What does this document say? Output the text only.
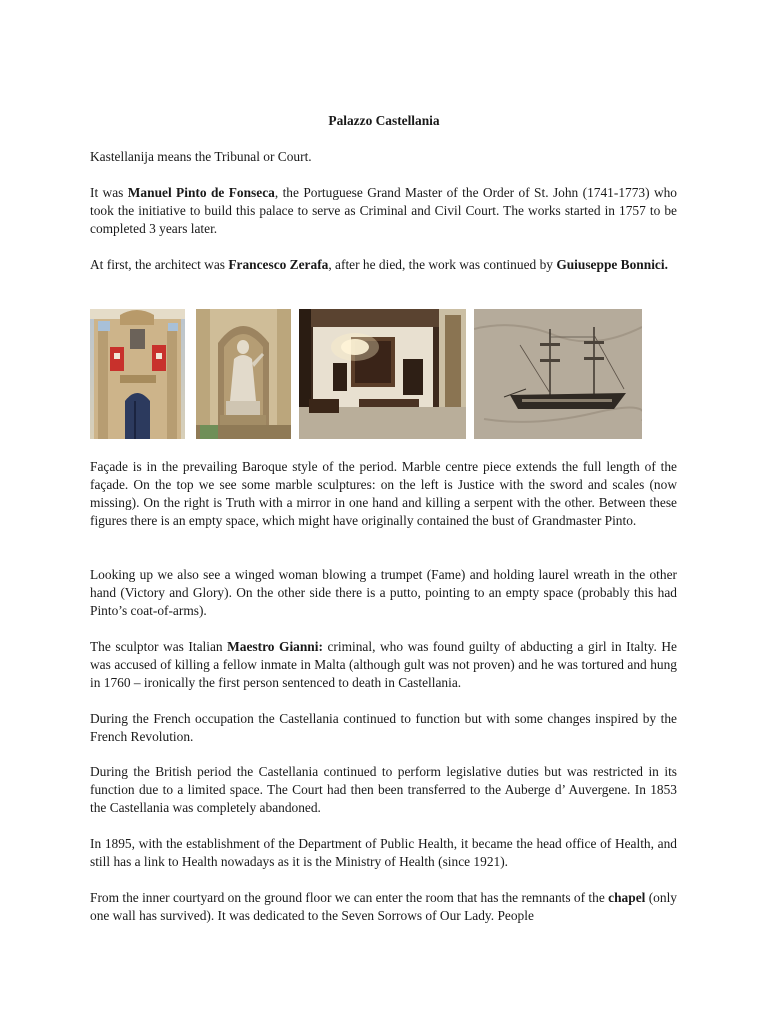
Palazzo Castellania

Kastellanija means the Tribunal or Court.

It was Manuel Pinto de Fonseca, the Portuguese Grand Master of the Order of St. John (1741-1773) who took the initiative to build this palace to serve as Criminal and Civil Court. The works started in 1757 to be completed 3 years later.

At first, the architect was Francesco Zerafa, after he died, the work was continued by Guiuseppe Bonnici.

Façade is in the prevailing Baroque style of the period. Marble centre piece extends the full length of the façade. On the top we see some marble sculptures: on the left is Justice with the sword and scales (now missing). On the right is Truth with a mirror in one hand and killing a serpent with the other. Between these figures there is an empty space, which might have originally contained the bust of Grandmaster Pinto.

Looking up we also see a winged woman blowing a trumpet (Fame) and holding laurel wreath in the other hand (Victory and Glory). On the other side there is a putto, pointing to an empty space (probably this had Pinto’s coat-of-arms).

The sculptor was Italian Maestro Gianni: criminal, who was found guilty of abducting a girl in Italty. He was accused of killing a fellow inmate in Malta (although gult was not proven) and he was tortured and hung in 1760 – ironically the first person sentenced to death in Castellania.

During the French occupation the Castellania continued to function but with some changes inspired by the French Revolution.

During the British period the Castellania continued to perform legislative duties but was restricted in its function due to a limited space. The Court had then been transferred to the Auberge d’ Auvergene. In 1853 the Castellania was completely abandoned.

In 1895, with the establishment of the Department of Public Health, it became the head office of Health, and still has a link to Health nowadays as it is the Ministry of Health (since 1921).

From the inner courtyard on the ground floor we can enter the room that has the remnants of the chapel (only one wall has survived). It was dedicated to the Seven Sorrows of Our Lady. People
